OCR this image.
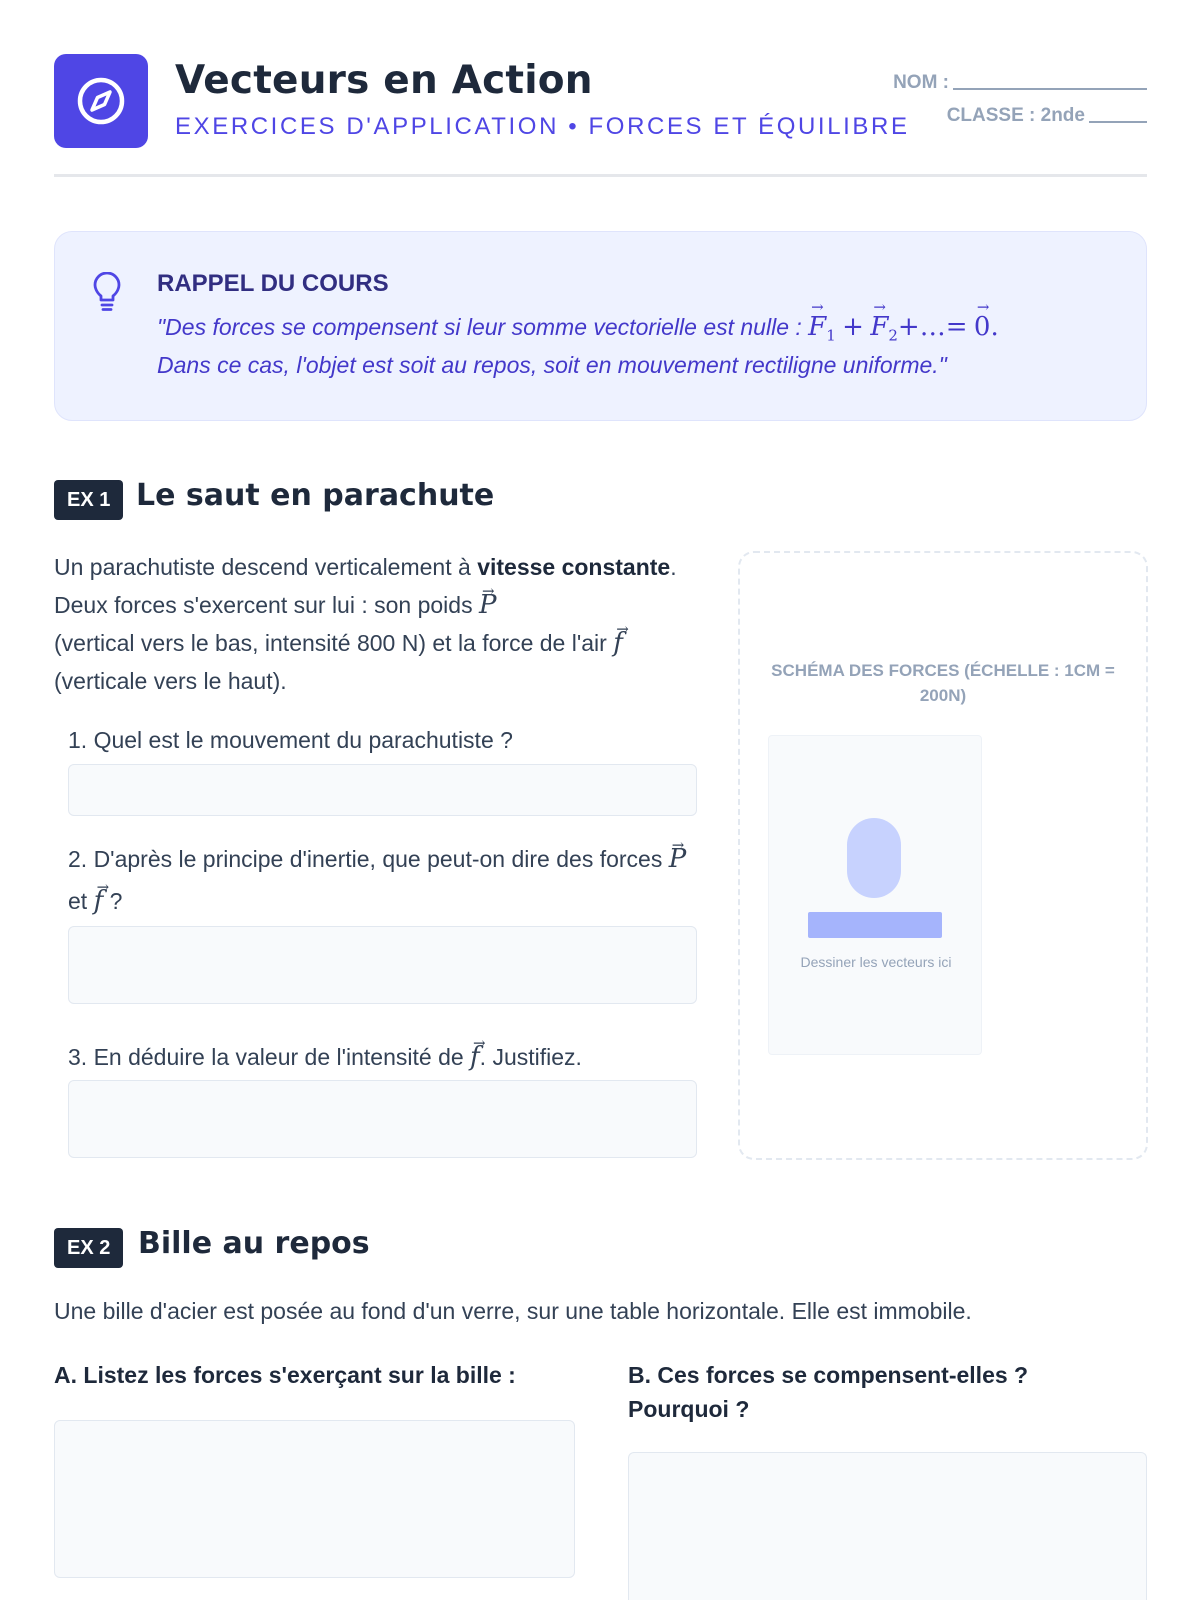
Vecteurs en Action
EXERCICES D'APPLICATION • FORCES ET ÉQUILIBRE
NOM :
CLASSE : 2nde
RAPPEL DU COURS

"Des forces se compensent si leur somme vectorielle est nulle : → $F_1$ + → $F_2+\dots= \to 0$.

Dans ce cas, l'objet est soit au repos, soit en mouvement rectiligne uniforme."

EX 1 Le saut en parachute
Un parachutiste descend verticalement à vitesse constante. Deux forces s'exercent sur lui : son poids → P
(vertical vers le bas, intensité 800 N) et la force de l'air → f
(verticale vers le haut).
1. Quel est le mouvement du parachutiste ?
2. D'après le principe d'inertie, que peut-on dire des forces → P et → f ?
3. En déduire la valeur de l'intensité de → f. Justifiez.
SCHÉMA DES FORCES (ÉCHELLE : 1CM = 200N)
Dessiner les vecteurs ici
EX 2 Bille au repos
Une bille d'acier est posée au fond d'un verre, sur une table horizontale. Elle est immobile.
A. Listez les forces s'exerçant sur la bille :	B. Ces forces se compensent-elles ? Pourquoi ?
